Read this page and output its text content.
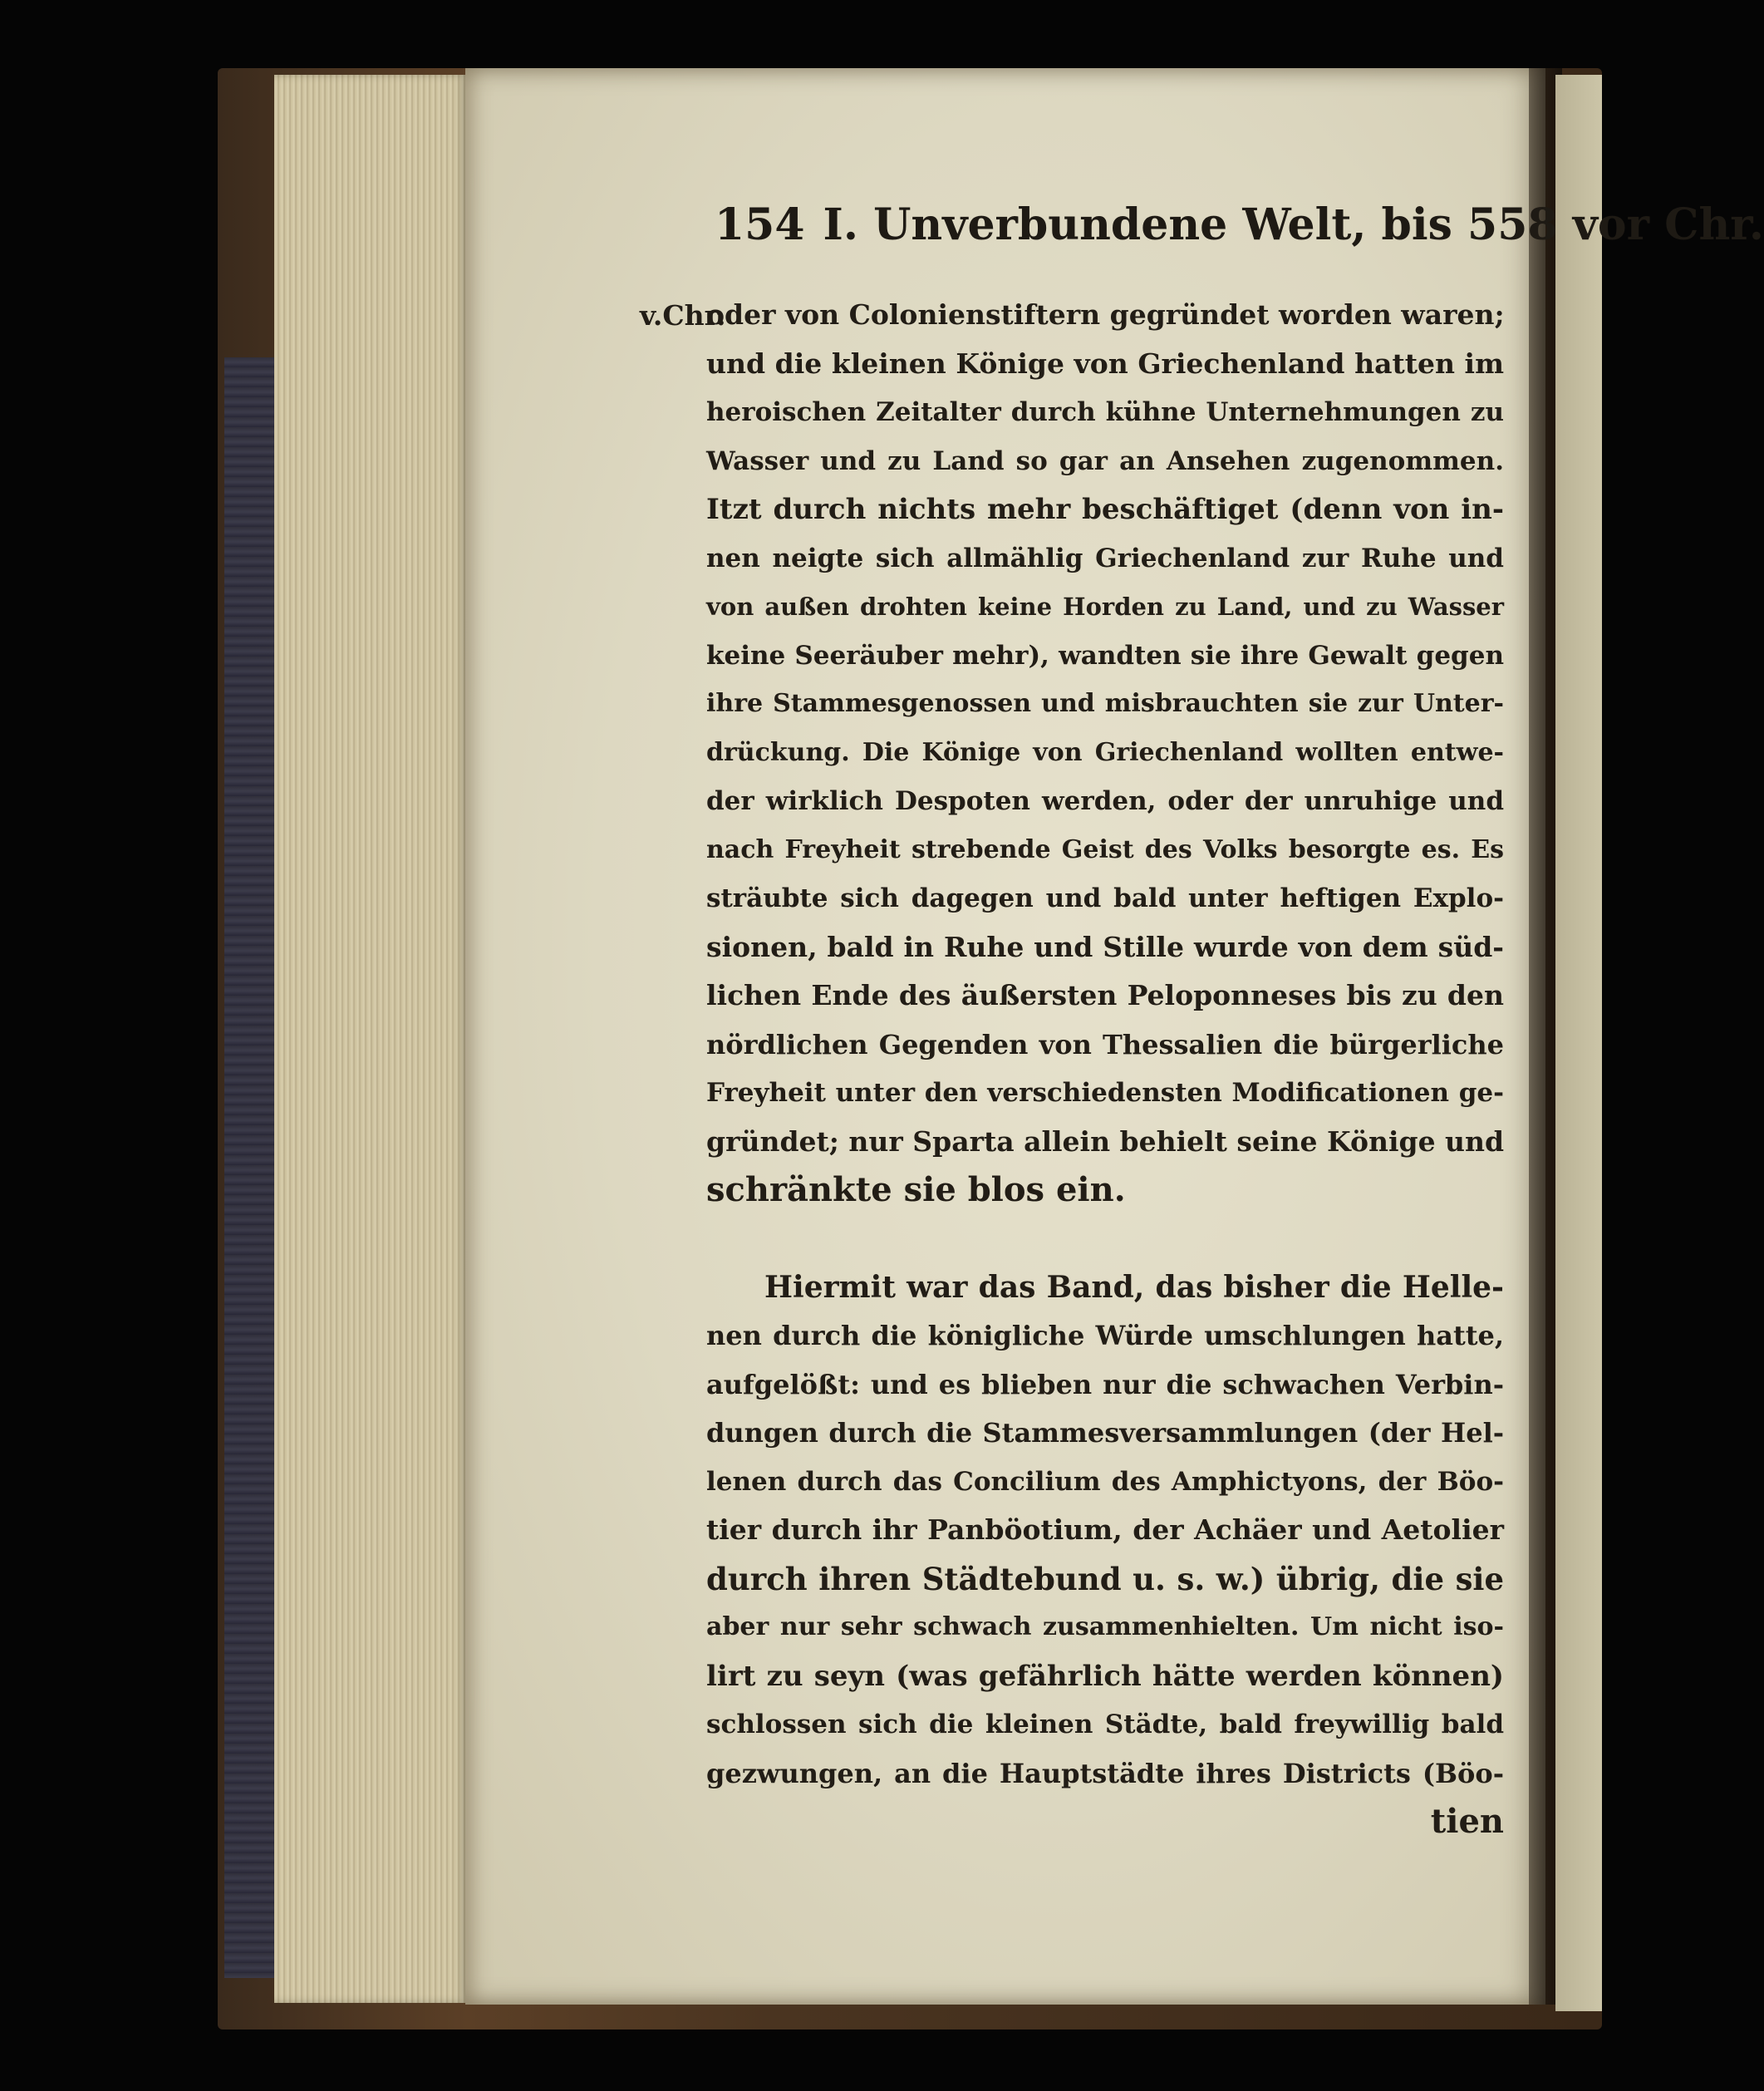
154 I. Unverbundene Welt, bis 558 vor Chr.
v.Chr.
oder von Colonienstiftern gegründet worden waren;
und die kleinen Könige von Griechenland hatten im
heroischen Zeitalter durch kühne Unternehmungen zu
Wasser und zu Land so gar an Ansehen zugenommen.
Itzt durch nichts mehr beschäftiget (denn von in-
nen neigte sich allmählig Griechenland zur Ruhe und
von außen drohten keine Horden zu Land, und zu Wasser
keine Seeräuber mehr), wandten sie ihre Gewalt gegen
ihre Stammesgenossen und misbrauchten sie zur Unter-
drückung. Die Könige von Griechenland wollten entwe-
der wirklich Despoten werden, oder der unruhige und
nach Freyheit strebende Geist des Volks besorgte es. Es
sträubte sich dagegen und bald unter heftigen Explo-
sionen, bald in Ruhe und Stille wurde von dem süd-
lichen Ende des äußersten Peloponneses bis zu den
nördlichen Gegenden von Thessalien die bürgerliche
Freyheit unter den verschiedensten Modificationen ge-
gründet; nur Sparta allein behielt seine Könige und
schränkte sie blos ein.
Hiermit war das Band, das bisher die Helle-
nen durch die königliche Würde umschlungen hatte,
aufgelößt: und es blieben nur die schwachen Verbin-
dungen durch die Stammesversammlungen (der Hel-
lenen durch das Concilium des Amphictyons, der Böo-
tier durch ihr Panböotium, der Achäer und Aetolier
durch ihren Städtebund u. s. w.) übrig, die sie
aber nur sehr schwach zusammenhielten. Um nicht iso-
lirt zu seyn (was gefährlich hätte werden können)
schlossen sich die kleinen Städte, bald freywillig bald
gezwungen, an die Hauptstädte ihres Districts (Böo-
tien
